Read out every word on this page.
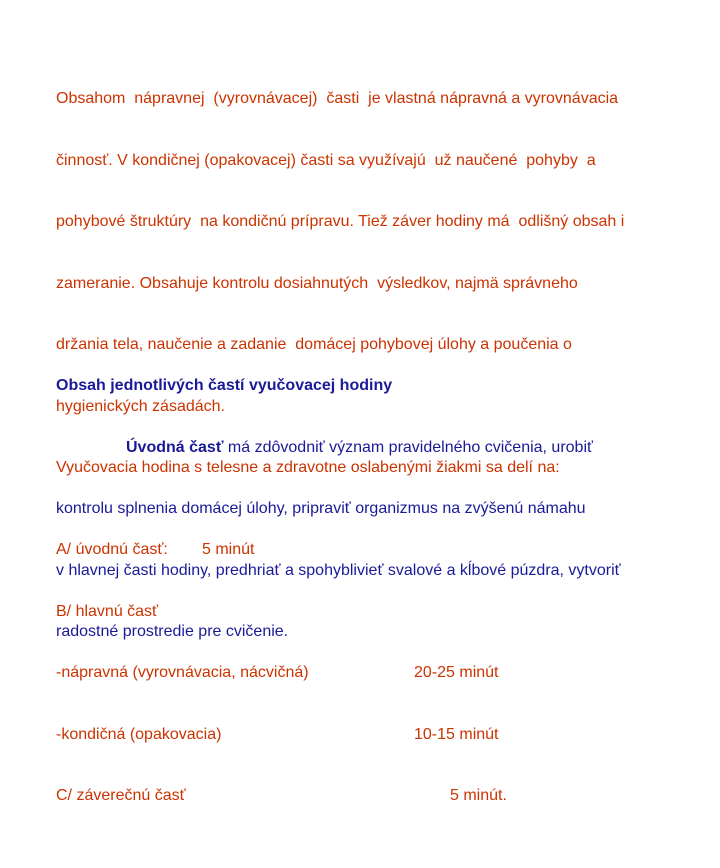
Obsahom  nápravnej  (vyrovnávacej)  časti  je vlastná nápravná a vyrovnávacia

činnosť. V kondičnej (opakovacej) časti sa využívajú  už naučené  pohyby  a

pohybové štruktúry  na kondičnú prípravu. Tiež záver hodiny má  odlišný obsah i

zameranie. Obsahuje kontrolu dosiahnutých  výsledkov, najmä správneho

držania tela, naučenie a zadanie  domácej pohybovej úlohy a poučenia o

hygienických zásadách.

Vyučovacia hodina s telesne a zdravotne oslabenými žiakmi sa delí na:

A/ úvodnú časť:

5 minút

B/ hlavnú časť

-nápravná (vyrovnávacia, nácvičná)

	20-25 minút

-kondičná (opakovacia)

	10-15 minút

C/ záverečnú časť

	5 minút.

Obsah jednotlivých častí vyučovacej hodiny

Úvodná časť má zdôvodniť význam pravidelného cvičenia, urobiť

kontrolu splnenia domácej úlohy, pripraviť organizmus na zvýšenú námahu

v hlavnej časti hodiny, predhriať a spohyblivieť svalové a kĺbové púzdra, vytvoriť

radostné prostredie pre cvičenie.
